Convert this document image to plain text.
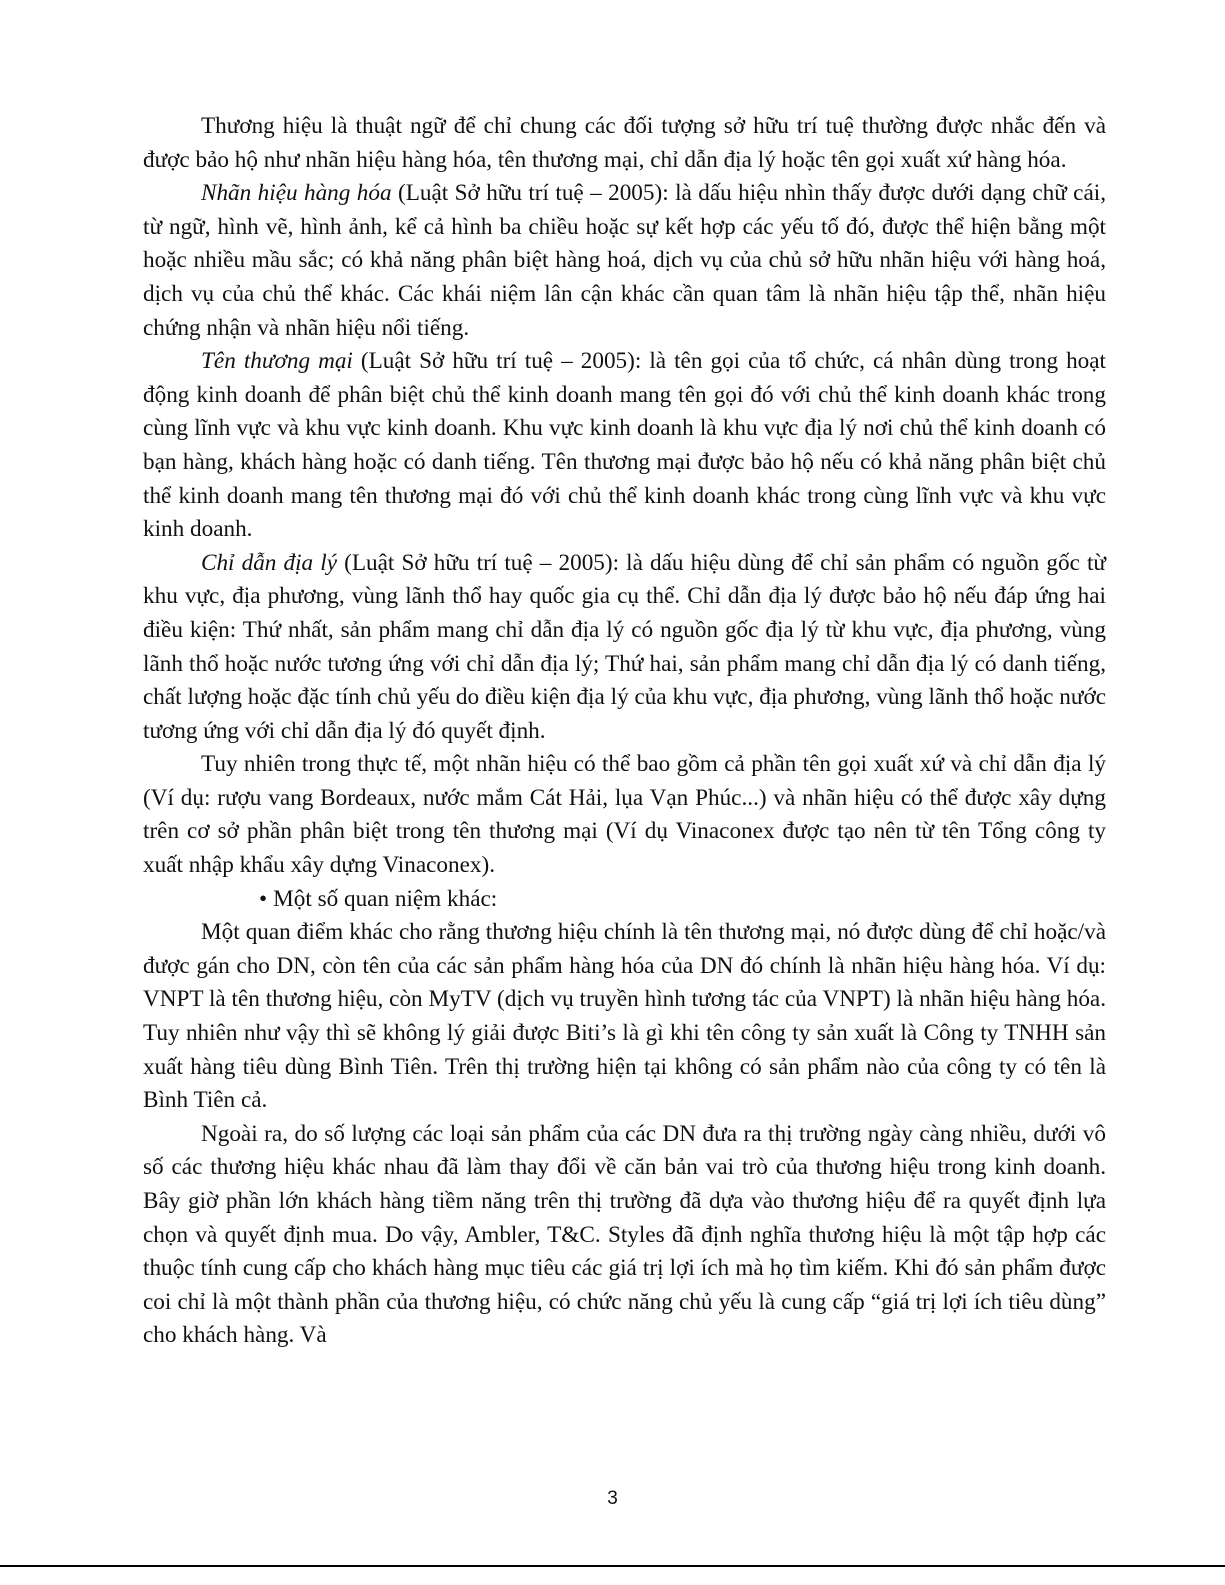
Thương hiệu là thuật ngữ để chỉ chung các đối tượng sở hữu trí tuệ thường được nhắc đến và được bảo hộ như nhãn hiệu hàng hóa, tên thương mại, chỉ dẫn địa lý hoặc tên gọi xuất xứ hàng hóa.

Nhãn hiệu hàng hóa (Luật Sở hữu trí tuệ – 2005): là dấu hiệu nhìn thấy được dưới dạng chữ cái, từ ngữ, hình vẽ, hình ảnh, kể cả hình ba chiều hoặc sự kết hợp các yếu tố đó, được thể hiện bằng một hoặc nhiều mầu sắc; có khả năng phân biệt hàng hoá, dịch vụ của chủ sở hữu nhãn hiệu với hàng hoá, dịch vụ của chủ thể khác. Các khái niệm lân cận khác cần quan tâm là nhãn hiệu tập thể, nhãn hiệu chứng nhận và nhãn hiệu nổi tiếng.

Tên thương mại (Luật Sở hữu trí tuệ – 2005): là tên gọi của tổ chức, cá nhân dùng trong hoạt động kinh doanh để phân biệt chủ thể kinh doanh mang tên gọi đó với chủ thể kinh doanh khác trong cùng lĩnh vực và khu vực kinh doanh. Khu vực kinh doanh là khu vực địa lý nơi chủ thể kinh doanh có bạn hàng, khách hàng hoặc có danh tiếng. Tên thương mại được bảo hộ nếu có khả năng phân biệt chủ thể kinh doanh mang tên thương mại đó với chủ thể kinh doanh khác trong cùng lĩnh vực và khu vực kinh doanh.

Chỉ dẫn địa lý (Luật Sở hữu trí tuệ – 2005): là dấu hiệu dùng để chỉ sản phẩm có nguồn gốc từ khu vực, địa phương, vùng lãnh thổ hay quốc gia cụ thể. Chỉ dẫn địa lý được bảo hộ nếu đáp ứng hai điều kiện: Thứ nhất, sản phẩm mang chỉ dẫn địa lý có nguồn gốc địa lý từ khu vực, địa phương, vùng lãnh thổ hoặc nước tương ứng với chỉ dẫn địa lý; Thứ hai, sản phẩm mang chỉ dẫn địa lý có danh tiếng, chất lượng hoặc đặc tính chủ yếu do điều kiện địa lý của khu vực, địa phương, vùng lãnh thổ hoặc nước tương ứng với chỉ dẫn địa lý đó quyết định.

Tuy nhiên trong thực tế, một nhãn hiệu có thể bao gồm cả phần tên gọi xuất xứ và chỉ dẫn địa lý (Ví dụ: rượu vang Bordeaux, nước mắm Cát Hải, lụa Vạn Phúc...) và nhãn hiệu có thể được xây dựng trên cơ sở phần phân biệt trong tên thương mại (Ví dụ Vinaconex được tạo nên từ tên Tổng công ty xuất nhập khẩu xây dựng Vinaconex).

• Một số quan niệm khác:

Một quan điểm khác cho rằng thương hiệu chính là tên thương mại, nó được dùng để chỉ hoặc/và được gán cho DN, còn tên của các sản phẩm hàng hóa của DN đó chính là nhãn hiệu hàng hóa. Ví dụ: VNPT là tên thương hiệu, còn MyTV (dịch vụ truyền hình tương tác của VNPT) là nhãn hiệu hàng hóa. Tuy nhiên như vậy thì sẽ không lý giải được Biti’s là gì khi tên công ty sản xuất là Công ty TNHH sản xuất hàng tiêu dùng Bình Tiên. Trên thị trường hiện tại không có sản phẩm nào của công ty có tên là Bình Tiên cả.

Ngoài ra, do số lượng các loại sản phẩm của các DN đưa ra thị trường ngày càng nhiều, dưới vô số các thương hiệu khác nhau đã làm thay đổi về căn bản vai trò của thương hiệu trong kinh doanh. Bây giờ phần lớn khách hàng tiềm năng trên thị trường đã dựa vào thương hiệu để ra quyết định lựa chọn và quyết định mua. Do vậy, Ambler, T&C. Styles đã định nghĩa thương hiệu là một tập hợp các thuộc tính cung cấp cho khách hàng mục tiêu các giá trị lợi ích mà họ tìm kiếm. Khi đó sản phẩm được coi chỉ là một thành phần của thương hiệu, có chức năng chủ yếu là cung cấp “giá trị lợi ích tiêu dùng” cho khách hàng. Và

3
